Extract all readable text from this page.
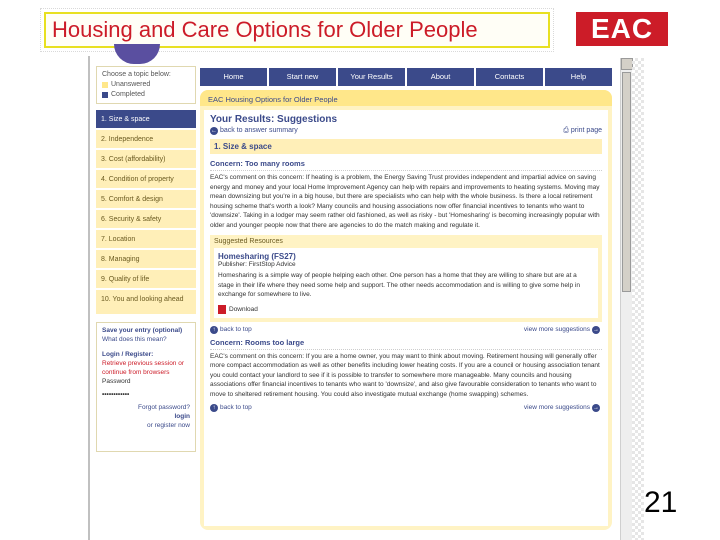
Housing and Care Options for Older People	EAC
Choose a topic below:
Unanswered
Completed
1. Size & space
2. Independence
3. Cost (affordability)
4. Condition of property
5. Comfort & design
6. Security & safety
7. Location
8. Managing
9. Quality of life
10. You and looking ahead
Save your entry (optional)
What does this mean?
Login / Register:
Retrieve previous session or continue from browsers
Password
••••••••••••
Forgot password?
login
or register now
Home	Start new	Your Results	About	Contacts	Help
EAC Housing Options for Older People
Your Results: Suggestions
← back to answer summary	⎙ print page
1. Size & space
Concern: Too many rooms
EAC's comment on this concern: If heating is a problem, the Energy Saving Trust provides independent and impartial advice on saving energy and money and your local Home Improvement Agency can help with repairs and improvements to heating systems. Moving may mean downsizing but you're in a big house, but there are specialists who can help with the whole business. Is there a local retirement housing scheme that's worth a look? Many councils and housing associations now offer financial incentives to tenants who want to 'downsize'. Taking in a lodger may seem rather old fashioned, as well as risky - but 'Homesharing' is becoming increasingly popular with older and younger people now that there are agencies to do the match making and regulate it.
Suggested Resources
Homesharing (FS27)
Publisher: FirstStop Advice
Homesharing is a simple way of people helping each other. One person has a home that they are willing to share but are at a stage in their life where they need some help and support. The other needs accommodation and is willing to give some help in exchange for somewhere to live.
Download
↑ back to top	view more suggestions →
Concern: Rooms too large
EAC's comment on this concern: If you are a home owner, you may want to think about moving. Retirement housing will generally offer more compact accommodation as well as other benefits including lower heating costs. If you are a council or housing association tenant you could contact your landlord to see if it is possible to transfer to somewhere more manageable. Many councils and housing associations offer financial incentives to tenants who want to 'downsize', and also give favourable consideration to tenants who want to move to sheltered retirement housing. You could also investigate mutual exchange (home swapping) schemes.
↑ back to top	view more suggestions →
21
